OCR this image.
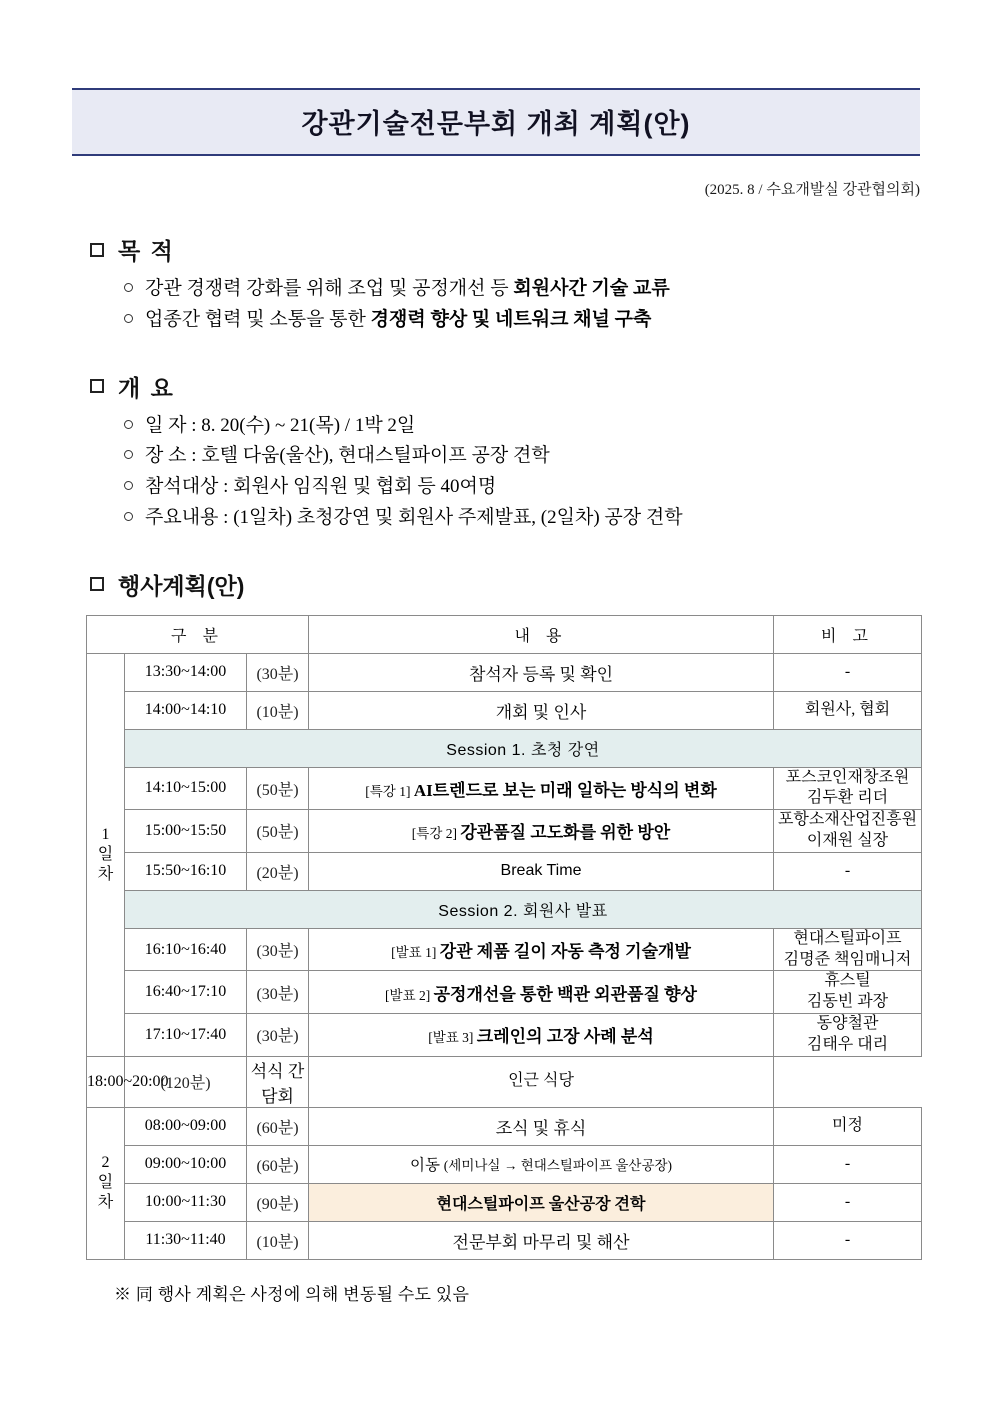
강관기술전문부회 개최 계획(안)
(2025. 8 / 수요개발실 강관협의회)
목 적
강관 경쟁력 강화를 위해 조업 및 공정개선 등 회원사간 기술 교류
업종간 협력 및 소통을 통한 경쟁력 향상 및 네트워크 채널 구축
개 요
일 자 : 8. 20(수) ~ 21(목) / 1박 2일
장 소 : 호텔 다움(울산), 현대스틸파이프 공장 견학
참석대상 : 회원사 임직원 및 협회 등 40여명
주요내용 : (1일차) 초청강연 및 회원사 주제발표, (2일차) 공장 견학
행사계획(안)
구 분			내 용	비 고
1
일
차	13:30~14:00	(30분)	참석자 등록 및 확인	-
	14:00~14:10	(10분)	개회 및 인사	회원사, 협회
	Session 1. 초청 강연			
	14:10~15:00	(50분)	[특강 1] AI트렌드로 보는 미래 일하는 방식의 변화	포스코인재창조원
김두환 리더
	15:00~15:50	(50분)	[특강 2] 강관품질 고도화를 위한 방안	포항소재산업진흥원
이재원 실장
	15:50~16:10	(20분)	Break Time	-
	Session 2. 회원사 발표			
	16:10~16:40	(30분)	[발표 1] 강관 제품 길이 자동 측정 기술개발	현대스틸파이프
김명준 책임매니저
	16:40~17:10	(30분)	[발표 2] 공정개선을 통한 백관 외관품질 향상	휴스틸
김동빈 과장
	17:10~17:40	(30분)	[발표 3] 크레인의 고장 사례 분석	동양철관
김태우 대리
18:00~20:00	(120분)	석식 간담회	인근 식당	
2
일
차	08:00~09:00	(60분)	조식 및 휴식	미정
	09:00~10:00	(60분)	이동 (세미나실 → 현대스틸파이프 울산공장)	-
	10:00~11:30	(90분)	현대스틸파이프 울산공장 견학	-
	11:30~11:40	(10분)	전문부회 마무리 및 해산	-
※ 同 행사 계획은 사정에 의해 변동될 수도 있음
